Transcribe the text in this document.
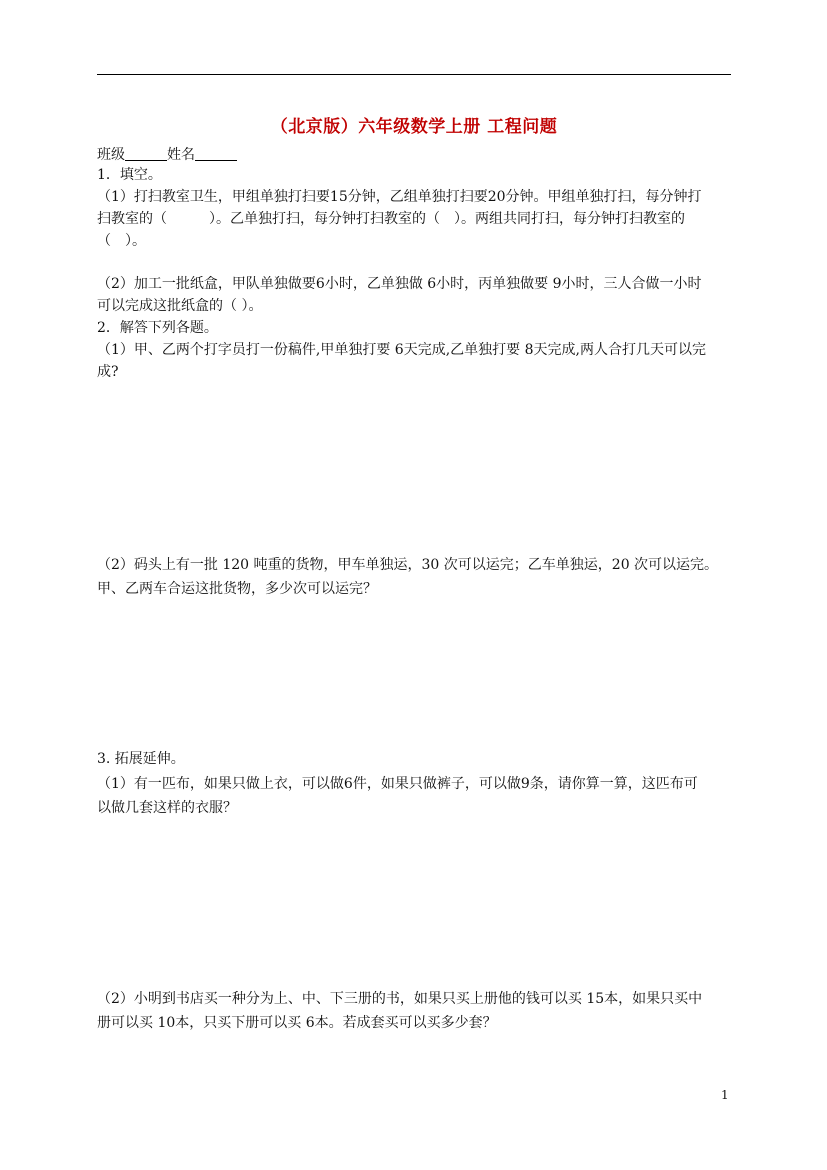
（北京版）六年级数学上册 工程问题
班级	姓名
1．填空。
（1）打扫教室卫生，甲组单独打扫要15分钟，乙组单独打扫要20分钟。甲组单独打扫，每分钟打
扫教室的（　　　）。乙单独打扫，每分钟打扫教室的（　）。两组共同打扫，每分钟打扫教室的
（　）。
（2）加工一批纸盒，甲队单独做要6小时，乙单独做 6小时，丙单独做要 9小时，三人合做一小时
可以完成这批纸盒的（ ）。
2．解答下列各题。
（1）甲、乙两个打字员打一份稿件,甲单独打要 6天完成,乙单独打要 8天完成,两人合打几天可以完
成?
（2）码头上有一批 120 吨重的货物，甲车单独运，30 次可以运完；乙车单独运，20 次可以运完。
甲、乙两车合运这批货物，多少次可以运完？
3. 拓展延伸。
（1）有一匹布，如果只做上衣，可以做6件，如果只做裤子，可以做9条，请你算一算，这匹布可
以做几套这样的衣服？
（2）小明到书店买一种分为上、中、下三册的书，如果只买上册他的钱可以买 15本，如果只买中
册可以买 10本，只买下册可以买 6本。若成套买可以买多少套？
1
